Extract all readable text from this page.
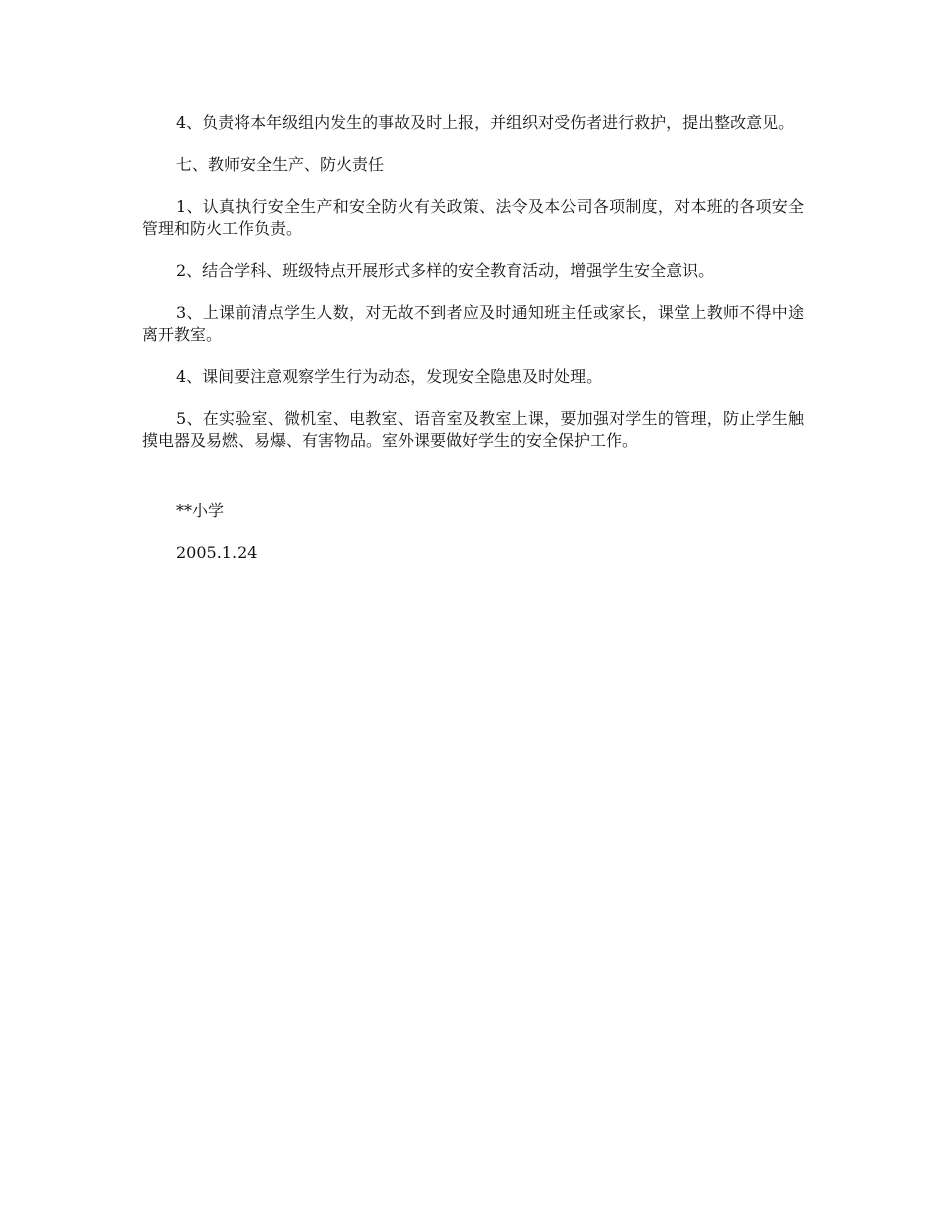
4、负责将本年级组内发生的事故及时上报，并组织对受伤者进行救护，提出整改意见。

七、教师安全生产、防火责任

1、认真执行安全生产和安全防火有关政策、法令及本公司各项制度，对本班的各项安全管理和防火工作负责。

2、结合学科、班级特点开展形式多样的安全教育活动，增强学生安全意识。

3、上课前清点学生人数，对无故不到者应及时通知班主任或家长，课堂上教师不得中途离开教室。

4、课间要注意观察学生行为动态，发现安全隐患及时处理。

5、在实验室、微机室、电教室、语音室及教室上课，要加强对学生的管理，防止学生触摸电器及易燃、易爆、有害物品。室外课要做好学生的安全保护工作。

**小学

2005.1.24
